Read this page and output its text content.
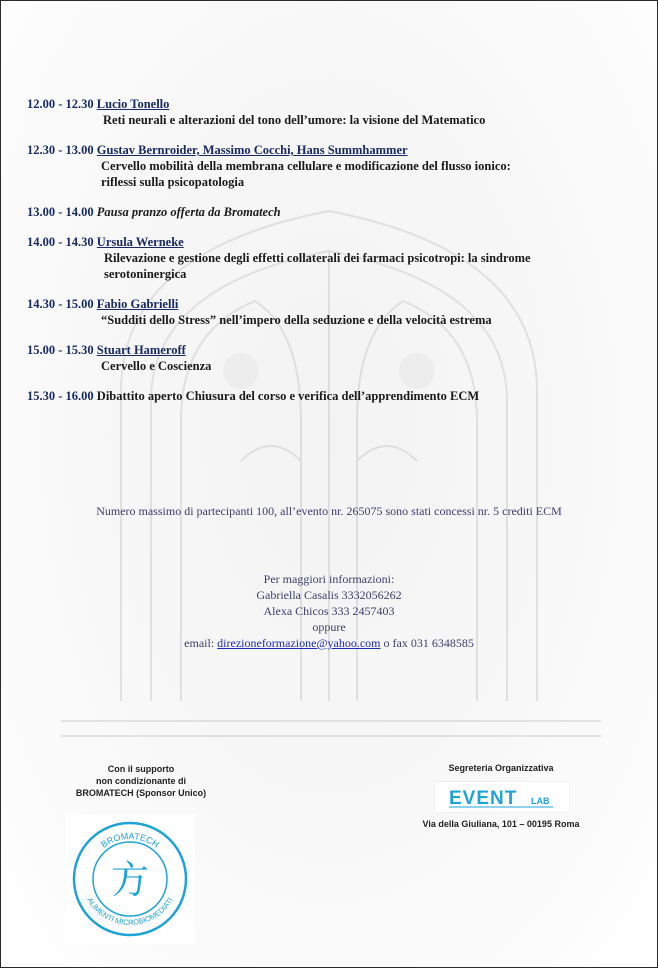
12.00 - 12.30 Lucio Tonello
Reti neurali e alterazioni del tono dell’umore: la visione del Matematico
12.30 - 13.00 Gustav Bernroider, Massimo Cocchi, Hans Summhammer
Cervello mobilità della membrana cellulare e modificazione del flusso ionico:
riflessi sulla psicopatologia
13.00 - 14.00 Pausa pranzo offerta da Bromatech
14.00 - 14.30 Ursula Werneke
Rilevazione e gestione degli effetti collaterali dei farmaci psicotropi: la sindrome
serotoninergica
14.30 - 15.00 Fabio Gabrielli
“Sudditi dello Stress” nell’impero della seduzione e della velocità estrema
15.00 - 15.30 Stuart Hameroff
Cervello e Coscienza
15.30 - 16.00 Dibattito aperto Chiusura del corso e verifica dell’apprendimento ECM
Numero massimo di partecipanti 100, all’evento nr. 265075 sono stati concessi nr. 5 crediti ECM
Per maggiori informazioni:
Gabriella Casalis 3332056262
Alexa Chicos 333 2457403
oppure
email: direzioneformazione@yahoo.com o fax 031 6348585
Con il supporto
non condizionante di
BROMATECH (Sponsor Unico)
BROMATECH
ALIMENTI MICROBIOMEDIATI
方
Segreteria Organizzativa
EVENT LAB
Via della Giuliana, 101 – 00195 Roma
